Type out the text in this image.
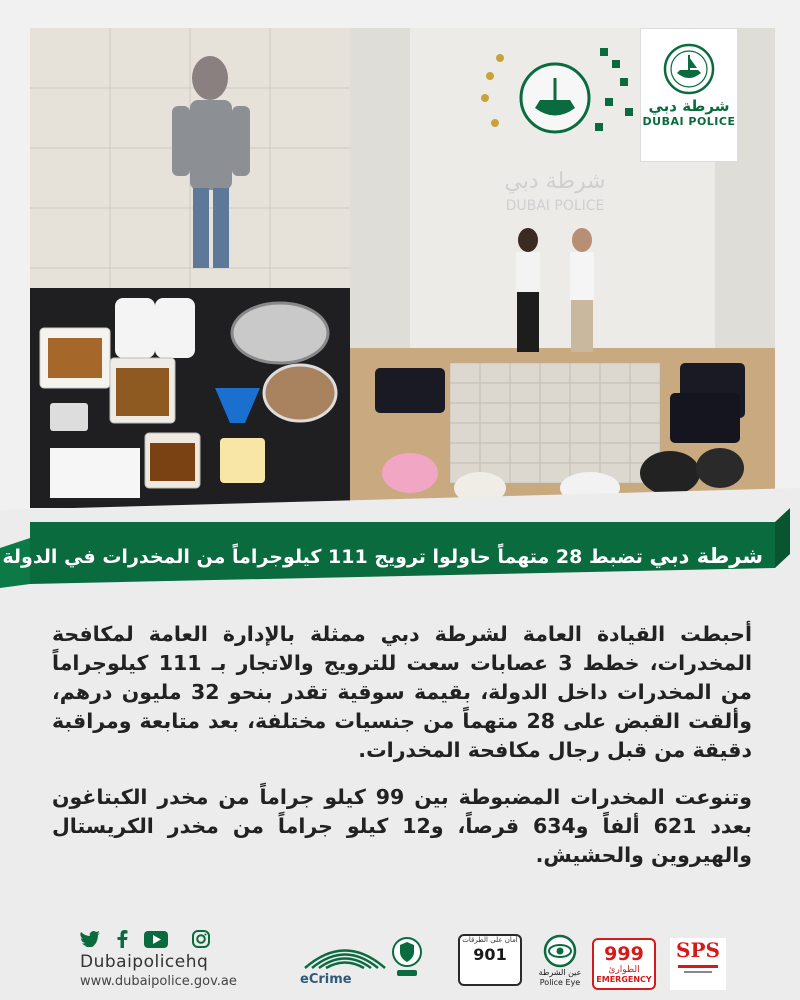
شرطة دبي
DUBAI POLICE
شرطة دبي
DUBAI POLICE
شرطة دبي تضبط 28 متهماً حاولوا ترويج 111 كيلوجراماً من المخدرات في الدولة

أحبطت القيادة العامة لشرطة دبي ممثلة بالإدارة العامة لمكافحة المخدرات، خطط 3 عصابات سعت للترويج والاتجار بـ 111 كيلوجراماً من المخدرات داخل الدولة، بقيمة سوقية تقدر بنحو 32 مليون درهم، وألقت القبض على 28 متهماً من جنسيات مختلفة، بعد متابعة ومراقبة دقيقة من قبل رجال مكافحة المخدرات.

وتنوعت المخدرات المضبوطة بين 99 كيلو جراماً من مخدر الكبتاغون بعدد 621 ألفاً و634 قرصاً، و12 كيلو جراماً من مخدر الكريستال والهيروين والحشيش.

Dubaipolicehq
www.dubaipolice.gov.ae	eCrime
أمان على الطرقات
901
عين الشرطة
Police Eye
999
الطوارئ
EMERGENCY
SPS
